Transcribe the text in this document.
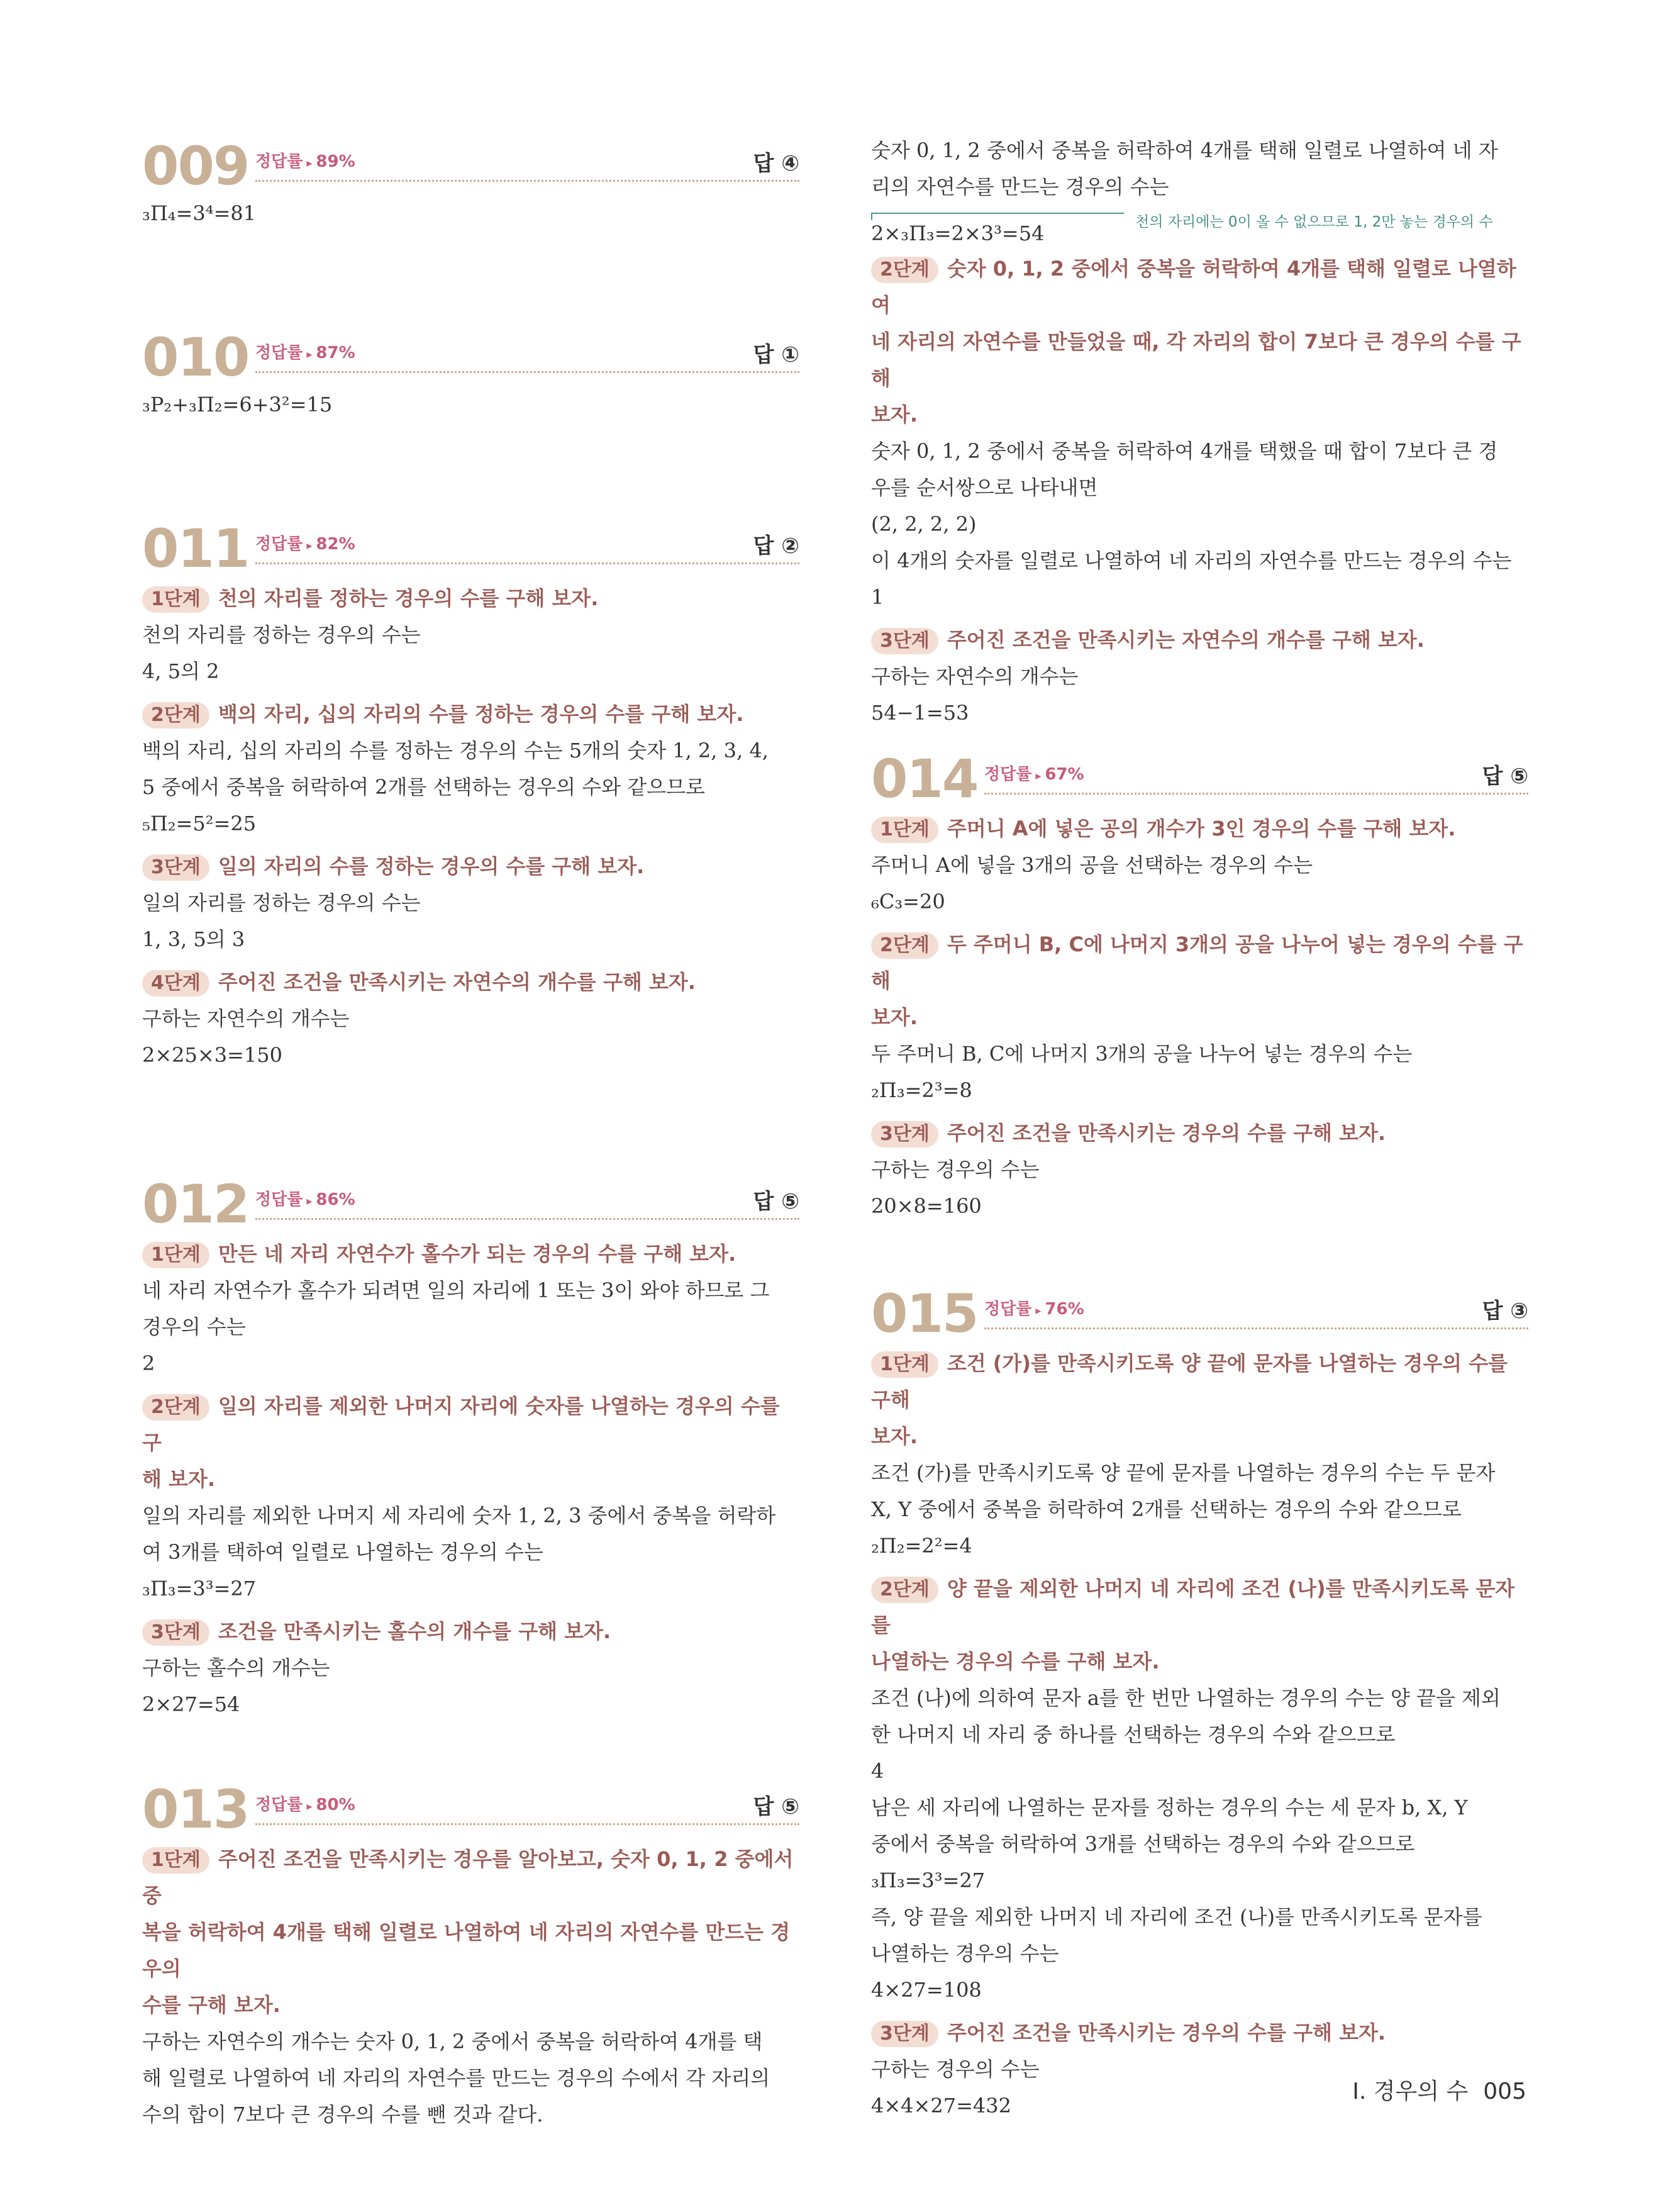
009 정답률 ▸ 89%	답 ④
₃Π₄=3⁴=81
010 정답률 ▸ 87%	답 ①
₃P₂+₃Π₂=6+3²=15
011 정답률 ▸ 82%	답 ②
1단계 천의 자리를 정하는 경우의 수를 구해 보자.
천의 자리를 정하는 경우의 수는
4, 5의 2
2단계 백의 자리, 십의 자리의 수를 정하는 경우의 수를 구해 보자.
백의 자리, 십의 자리의 수를 정하는 경우의 수는 5개의 숫자 1, 2, 3, 4,
5 중에서 중복을 허락하여 2개를 선택하는 경우의 수와 같으므로
₅Π₂=5²=25
3단계 일의 자리의 수를 정하는 경우의 수를 구해 보자.
일의 자리를 정하는 경우의 수는
1, 3, 5의 3
4단계 주어진 조건을 만족시키는 자연수의 개수를 구해 보자.
구하는 자연수의 개수는
2×25×3=150
012 정답률 ▸ 86%	답 ⑤
1단계 만든 네 자리 자연수가 홀수가 되는 경우의 수를 구해 보자.
네 자리 자연수가 홀수가 되려면 일의 자리에 1 또는 3이 와야 하므로 그
경우의 수는
2
2단계 일의 자리를 제외한 나머지 자리에 숫자를 나열하는 경우의 수를 구
해 보자.
일의 자리를 제외한 나머지 세 자리에 숫자 1, 2, 3 중에서 중복을 허락하
여 3개를 택하여 일렬로 나열하는 경우의 수는
₃Π₃=3³=27
3단계 조건을 만족시키는 홀수의 개수를 구해 보자.
구하는 홀수의 개수는
2×27=54
013 정답률 ▸ 80%	답 ⑤
1단계 주어진 조건을 만족시키는 경우를 알아보고, 숫자 0, 1, 2 중에서 중
복을 허락하여 4개를 택해 일렬로 나열하여 네 자리의 자연수를 만드는 경우의
수를 구해 보자.
구하는 자연수의 개수는 숫자 0, 1, 2 중에서 중복을 허락하여 4개를 택
해 일렬로 나열하여 네 자리의 자연수를 만드는 경우의 수에서 각 자리의
수의 합이 7보다 큰 경우의 수를 뺀 것과 같다.
숫자 0, 1, 2 중에서 중복을 허락하여 4개를 택해 일렬로 나열하여 네 자
리의 자연수를 만드는 경우의 수는
천의 자리에는 0이 올 수 없으므로 1, 2만 놓는 경우의 수
2×₃Π₃=2×3³=54
2단계 숫자 0, 1, 2 중에서 중복을 허락하여 4개를 택해 일렬로 나열하여
네 자리의 자연수를 만들었을 때, 각 자리의 합이 7보다 큰 경우의 수를 구해
보자.
숫자 0, 1, 2 중에서 중복을 허락하여 4개를 택했을 때 합이 7보다 큰 경
우를 순서쌍으로 나타내면
(2, 2, 2, 2)
이 4개의 숫자를 일렬로 나열하여 네 자리의 자연수를 만드는 경우의 수는
1
3단계 주어진 조건을 만족시키는 자연수의 개수를 구해 보자.
구하는 자연수의 개수는
54−1=53
014 정답률 ▸ 67%	답 ⑤
1단계 주머니 A에 넣은 공의 개수가 3인 경우의 수를 구해 보자.
주머니 A에 넣을 3개의 공을 선택하는 경우의 수는
₆C₃=20
2단계 두 주머니 B, C에 나머지 3개의 공을 나누어 넣는 경우의 수를 구해
보자.
두 주머니 B, C에 나머지 3개의 공을 나누어 넣는 경우의 수는
₂Π₃=2³=8
3단계 주어진 조건을 만족시키는 경우의 수를 구해 보자.
구하는 경우의 수는
20×8=160
015 정답률 ▸ 76%	답 ③
1단계 조건 (가)를 만족시키도록 양 끝에 문자를 나열하는 경우의 수를 구해
보자.
조건 (가)를 만족시키도록 양 끝에 문자를 나열하는 경우의 수는 두 문자
X, Y 중에서 중복을 허락하여 2개를 선택하는 경우의 수와 같으므로
₂Π₂=2²=4
2단계 양 끝을 제외한 나머지 네 자리에 조건 (나)를 만족시키도록 문자를
나열하는 경우의 수를 구해 보자.
조건 (나)에 의하여 문자 a를 한 번만 나열하는 경우의 수는 양 끝을 제외
한 나머지 네 자리 중 하나를 선택하는 경우의 수와 같으므로
4
남은 세 자리에 나열하는 문자를 정하는 경우의 수는 세 문자 b, X, Y
중에서 중복을 허락하여 3개를 선택하는 경우의 수와 같으므로
₃Π₃=3³=27
즉, 양 끝을 제외한 나머지 네 자리에 조건 (나)를 만족시키도록 문자를
나열하는 경우의 수는
4×27=108
3단계 주어진 조건을 만족시키는 경우의 수를 구해 보자.
구하는 경우의 수는
4×4×27=432
I. 경우의 수 005
